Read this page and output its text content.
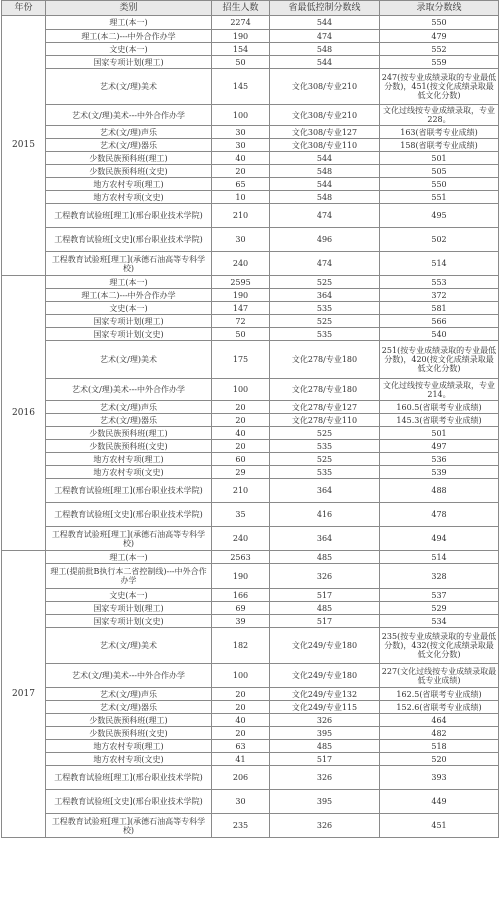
年份	类别	招生人数	省最低控制分数线	录取分数线
2015	理工(本一)	2274	544	550
	理工(本二)---中外合作办学	190	474	479
	文史(本一)	154	548	552
	国家专项计划(理工)	50	544	559
	艺术(文/理)美术	145	文化308/专业210	247(按专业成绩录取的专业最低分数)，451(按文化成绩录取最低文化分数)
	艺术(文/理)美术---中外合作办学	100	文化308/专业210	文化过线按专业成绩录取，专业228。
	艺术(文/理)声乐	30	文化308/专业127	163(省联考专业成绩)
	艺术(文/理)器乐	30	文化308/专业110	158(省联考专业成绩)
	少数民族预科班(理工)	40	544	501
	少数民族预科班(文史)	20	548	505
	地方农村专项(理工)	65	544	550
	地方农村专项(文史)	10	548	551
	工程教育试验班[理工](邢台职业技术学院)	210	474	495
	工程教育试验班[文史](邢台职业技术学院)	30	496	502
	工程教育试验班[理工](承德石油高等专科学校)	240	474	514
2016	理工(本一)	2595	525	553
	理工(本二)---中外合作办学	190	364	372
	文史(本一)	147	535	581
	国家专项计划(理工)	72	525	566
	国家专项计划(文史)	50	535	540
	艺术(文/理)美术	175	文化278/专业180	251(按专业成绩录取的专业最低分数)，420(按文化成绩录取最低文化分数)
	艺术(文/理)美术---中外合作办学	100	文化278/专业180	文化过线按专业成绩录取，专业214。
	艺术(文/理)声乐	20	文化278/专业127	160.5(省联考专业成绩)
	艺术(文/理)器乐	20	文化278/专业110	145.3(省联考专业成绩)
	少数民族预科班(理工)	40	525	501
	少数民族预科班(文史)	20	535	497
	地方农村专项(理工)	60	525	536
	地方农村专项(文史)	29	535	539
	工程教育试验班[理工](邢台职业技术学院)	210	364	488
	工程教育试验班[文史](邢台职业技术学院)	35	416	478
	工程教育试验班[理工](承德石油高等专科学校)	240	364	494
2017	理工(本一)	2563	485	514
	理工(提前批B执行本二省控制线)---中外合作办学	190	326	328
	文史(本一)	166	517	537
	国家专项计划(理工)	69	485	529
	国家专项计划(文史)	39	517	534
	艺术(文/理)美术	182	文化249/专业180	235(按专业成绩录取的专业最低分数)，432(按文化成绩录取最低文化分数)
	艺术(文/理)美术---中外合作办学	100	文化249/专业180	227(文化过线按专业成绩录取最低专业成绩)
	艺术(文/理)声乐	20	文化249/专业132	162.5(省联考专业成绩)
	艺术(文/理)器乐	20	文化249/专业115	152.6(省联考专业成绩)
	少数民族预科班(理工)	40	326	464
	少数民族预科班(文史)	20	395	482
	地方农村专项(理工)	63	485	518
	地方农村专项(文史)	41	517	520
	工程教育试验班[理工](邢台职业技术学院)	206	326	393
	工程教育试验班[文史](邢台职业技术学院)	30	395	449
	工程教育试验班[理工](承德石油高等专科学校)	235	326	451
